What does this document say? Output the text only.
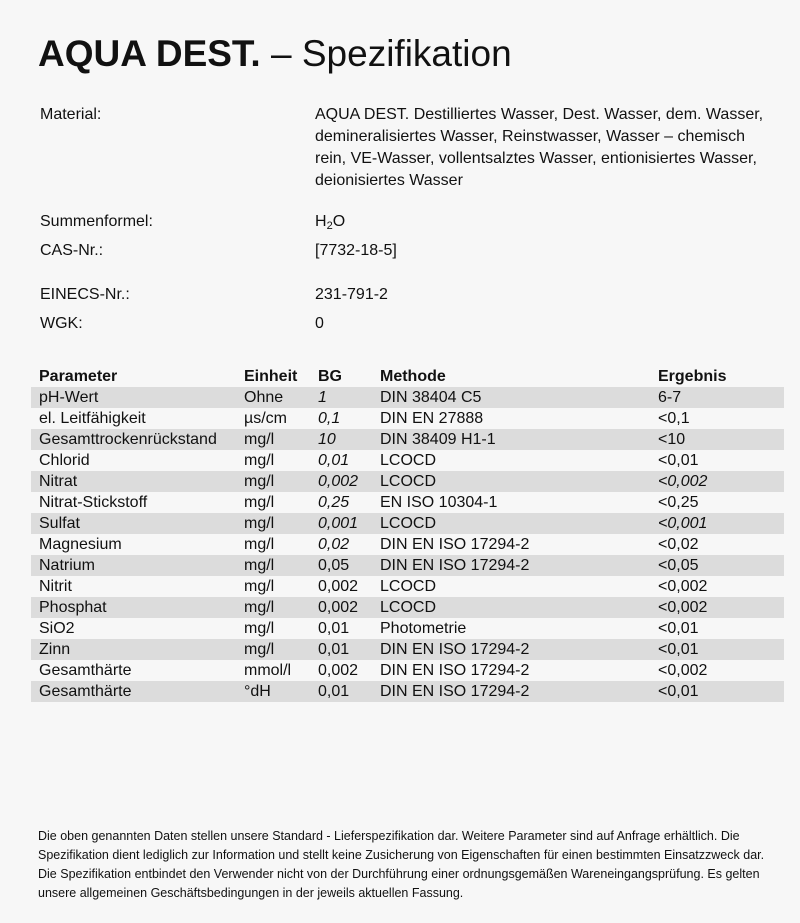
AQUA DEST. – Spezifikation
Material:	AQUA DEST. Destilliertes Wasser, Dest. Wasser, dem. Wasser, demineralisiertes Wasser, Reinstwasser, Wasser – chemisch rein, VE-Wasser, vollentsalztes Wasser, entionisiertes Wasser, deionisiertes Wasser
Summenformel:	$H_2O$
CAS-Nr.:	[7732-18-5]
EINECS-Nr.:	231-791-2
WGK:	0
Parameter	Einheit	BG	Methode	Ergebnis
pH-Wert	Ohne	1	DIN 38404 C5	6-7
el. Leitfähigkeit	µs/cm	0,1	DIN EN 27888	<0,1
Gesamttrockenrückstand	mg/l	10	DIN 38409 H1-1	<10
Chlorid	mg/l	0,01	LCOCD	<0,01
Nitrat	mg/l	0,002	LCOCD	<0,002
Nitrat-Stickstoff	mg/l	0,25	EN ISO 10304-1	<0,25
Sulfat	mg/l	0,001	LCOCD	<0,001
Magnesium	mg/l	0,02	DIN EN ISO 17294-2	<0,02
Natrium	mg/l	0,05	DIN EN ISO 17294-2	<0,05
Nitrit	mg/l	0,002	LCOCD	<0,002
Phosphat	mg/l	0,002	LCOCD	<0,002
SiO2	mg/l	0,01	Photometrie	<0,01
Zinn	mg/l	0,01	DIN EN ISO 17294-2	<0,01
Gesamthärte	mmol/l	0,002	DIN EN ISO 17294-2	<0,002
Gesamthärte	°dH	0,01	DIN EN ISO 17294-2	<0,01

Die oben genannten Daten stellen unsere Standard - Lieferspezifikation dar. Weitere Parameter sind auf Anfrage erhältlich. Die Spezifikation dient lediglich zur Information und stellt keine Zusicherung von Eigenschaften für einen bestimmten Einsatzzweck dar. Die Spezifikation entbindet den Verwender nicht von der Durchführung einer ordnungsgemäßen Wareneingangsprüfung. Es gelten unsere allgemeinen Geschäftsbedingungen in der jeweils aktuellen Fassung.
